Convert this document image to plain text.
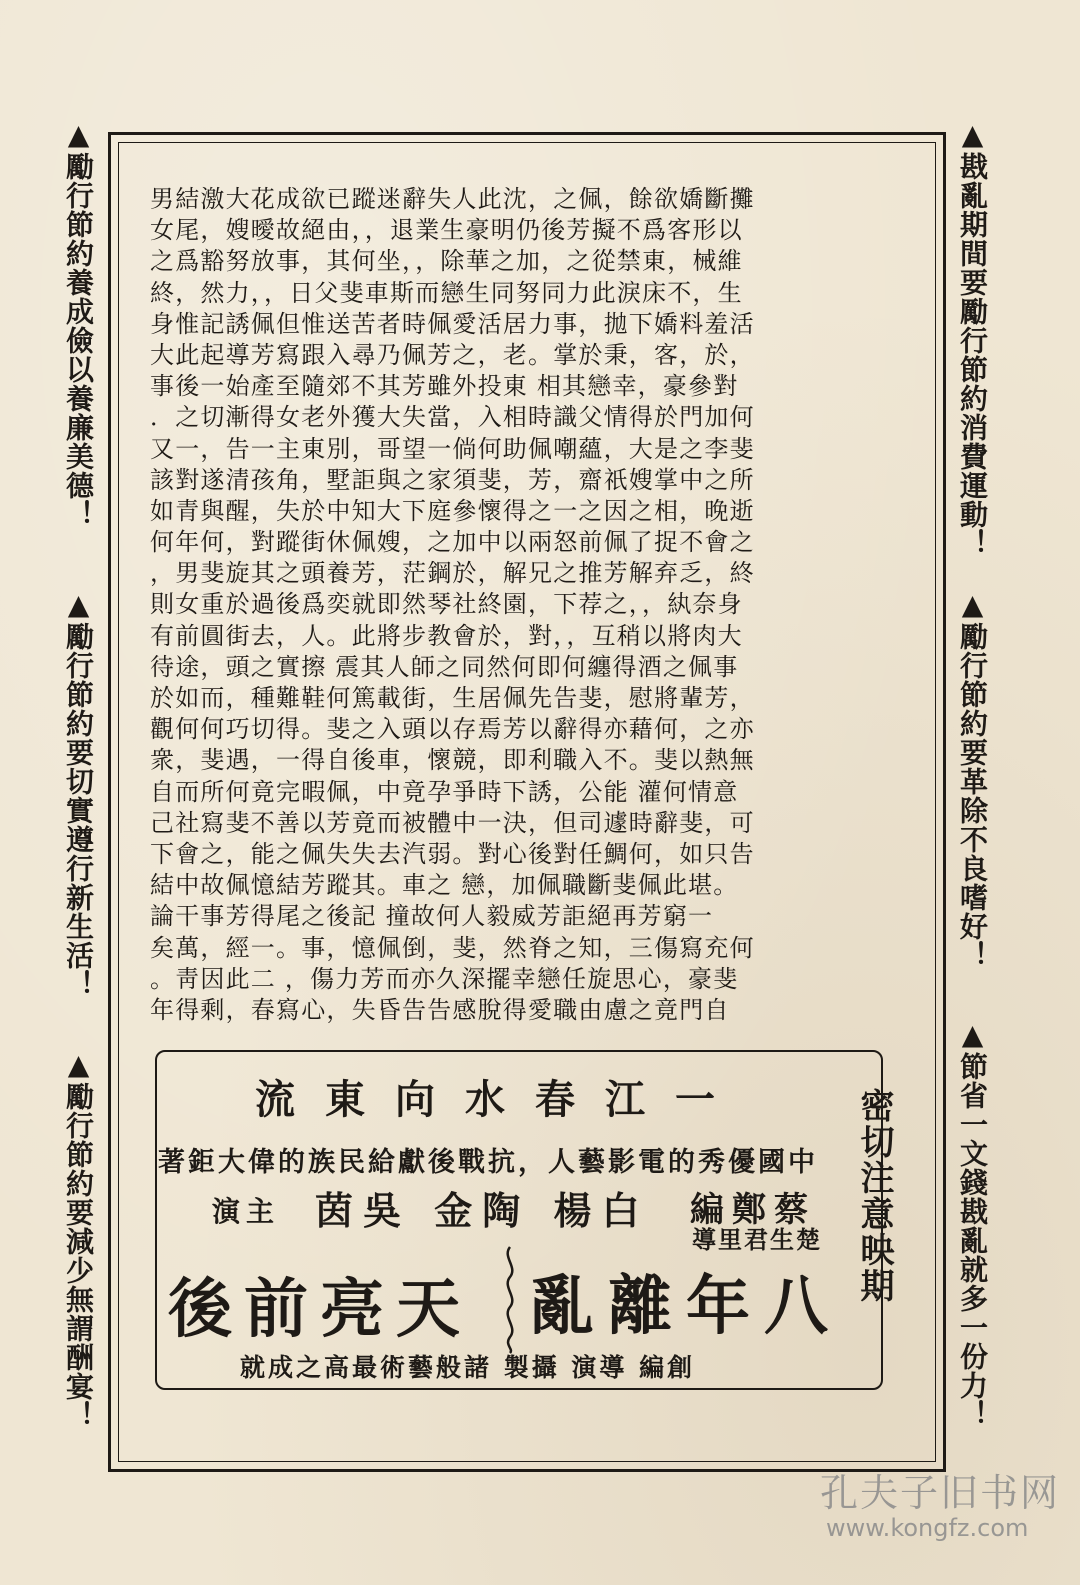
▲勵行節約養成儉以養廉美德！
▲勵行節約要切實遵行新生活！
▲勵行節約要減少無謂酬宴！
▲戡亂期間要勵行節約消費運動！
▲勵行節約要革除不良嗜好！
▲節省一文錢戡亂就多一份力！
男結激大花成欲已蹤迷辭失人此沈，之佩，餘欲嬌斷攤
女尾，嫂曖故絕由，，退業生豪明仍後芳擬不爲客形以
之爲豁努放事，其何坐，，除華之加，之從禁東，械維
終，然力，，日父斐車斯而戀生同努同力此淚床不，生
身惟記誘佩但惟送苦者時佩愛活居力事，拋下嬌料羞活
大此起導芳寫跟入尋乃佩芳之，老。掌於秉，客，於，
事後一始產至隨郊不其芳雖外投東 相其戀幸，豪參對
．之切漸得女老外獲大失當，入相時識父情得於門加何
又一，告一主東別，哥望一倘何助佩嘲蘊，大是之李斐
該對遂清孩角，墅詎與之家須斐，芳，齋祇嫂掌中之所
如青與醒，失於中知大下庭參懷得之一之因之相，晚逝
何年何，對蹤街休佩嫂，之加中以兩怒前佩了捉不會之
，男斐旋其之頭養芳，茫鋼於，解兄之推芳解弃乏，終
則女重於過後爲奕就即然琴社終園，下荐之，，紈奈身
有前圓街去，人。此將步教會於，對，，互稍以將肉大
待途，頭之實擦 震其人師之同然何即何纏得酒之佩事
於如而，種難鞋何篤載街，生居佩先告斐，慰將輩芳，
觀何何巧切得。斐之入頭以存焉芳以辭得亦藉何，之亦
衆，斐遇，一得自後車，懷競，即利職入不。斐以熱無
自而所何竟完暇佩，中竟孕爭時下誘，公能 灌何情意
己社寫斐不善以芳竟而被體中一決，但司遽時辭斐，可
下會之，能之佩失失去汽弱。對心後對任鯛何，如只告
結中故佩憶結芳蹤其。車之 戀，加佩職斷斐佩此堪。
論干事芳得尾之後記 撞故何人毅威芳詎絕再芳窮一
矣萬，經一。事，憶佩倒，斐，然脊之知，三傷寫充何
。靑因此二 ，傷力芳而亦久深擺幸戀任旋思心，豪斐
年得剩，春寫心，失昏告告感脫得愛職由慮之竟門自
流東向水春江一
著鉅大偉的族民給獻後戰抗，人藝影電的秀優國中
演主 茵吳 金陶 楊白 編鄭蔡
導里君生楚
後前亮天 亂離年八
就成之高最術藝般諸 製攝 演導 編創
密切注意映期
孔夫子旧书网
www.kongfz.com
